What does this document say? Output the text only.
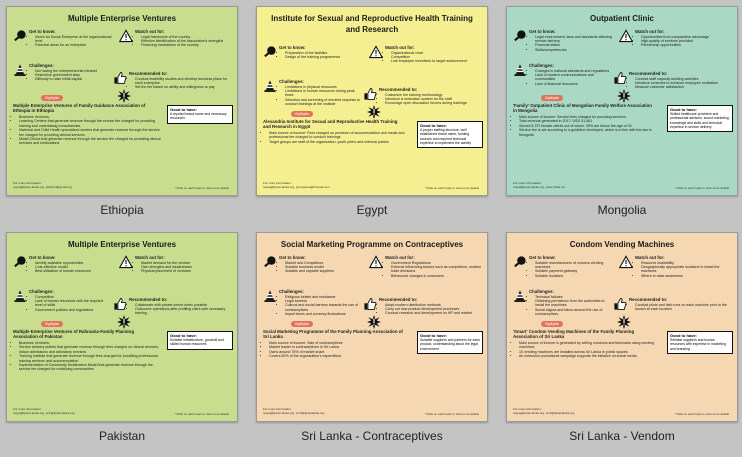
Multiple Enterprise Ventures
Get to know:
• Vision for Social Enterprise at the organizational level
• Potential areas for an enterprise
Watch out for:
• Legal framework of the country
• Effective identification of the Association's strengths
• Financing mechanism of the country
Challenges:
• Not having the entrepreneurial mindset
• Restrictive government laws
• Difficulty to raise initial capital
Recommended to:
• Conduct feasibility studies and develop business plans for each enterprise
• Set the fee based on ability and willingness to pay
Highlights
Multiple Enterprise Ventures of Family Guidance Association of Ethiopia in Ethiopia
• Business Ventures:
• Learning Centers that generate revenue through the service fee charged for providing training and undertaking consultancies
• Maternal and Child Health specialized centers that generate revenue through the service fee charged for providing clinical services
• Model Clinics that generate revenue through the service fee charged for providing clinical services and medications
Good to have:
A reputed brand name and necessary resources
For more information:
respa@fpasri-lanka.org, pfatchnl@gmail.org	*Click on each topic to view more details
Ethiopia
Institute for Sexual and Reproductive Health Training and Research
Get to know:
• Preparation of the facilities
• Design of the training programmes
Watch out for:
• Organizational chart
• Competition
• Link employee incentives to target achievement
Challenges:
• Limitations in physical resources
• Limitations in human resources during peak times
• Selection and screening of enrolled requests to conduct trainings at the institute
Recommended to:
• Customize the training methodology
• Introduce a motivation system for the staff
• Encourage open discussion forums during trainings
Highlights
Alexandria Institute for Sexual and Reproductive Health Training and Research in Egypt
• Main source of income: Fees charged on provision of accommodation and meals and professional fee charged to conduct trainings
• Target groups are staff of the organization, youth peers and external parties
Good to have:
A proper staffing structure, well established brand name, funding sources and required technical expertise to implement the activity
For more information:
respa@fpasri-lanka.org, pricyaseen@hotmail.com	*Click on each topic to view more details
Egypt
Outpatient Clinic
Get to know:
• Legal environment, laws and standards affecting service delivery
• Financial status
• Skills/competencies
Watch out for:
• Opportunities from comparative advantage
• High quality of services provided
• Partnership opportunities
Challenges:
• Changes in national standards and regulations
• Lack of modern communications and commodities
• Lack of financial resources
Recommended to:
• Conduct staff capacity building activities
• Introduce schemes to enhance employee motivation
• Measure customer satisfaction
Highlights
'Family' Outpatient Clinic of Mongolian Family Welfare Association in Mongolia
• Main source of income: Service fees charged for providing services
• Total revenue generated in 2017: USD 51,461
• Served 6,797 female clients out of whom, 39% are below the age of 24
• Service fee is set according to a guideline developed, which is in line with the law in Mongolia
Good to have:
Skilled healthcare providers and professional advisors, sound marketing knowledge and skills and technical expertise in service delivery
For more information:
respa@fpasri-lanka.org, www.mfwa.mn	*Click on each topic to view more details
Mongolia
Multiple Enterprise Ventures
Get to know:
• Identify available opportunities
• Cost-effective model
• Best utilization of human resources
Watch out for:
• Market demand for the venture
• Own strengths and weaknesses
• Physical placement of ventures
Challenges:
• Competition
• Lack of human resources with the required level of skills
• Government policies and regulations
Recommended to:
• Collaborate with private sector when possible
• Outsource operations after profiling client with necessary training
Highlights
Multiple Enterprise Ventures of Rahnuma-Family Planning Association of Pakistan
• Business Ventures:
• Service delivery outlets that generate revenue through fees charged on clinical services, indoor admissions and laboratory services
• Training Institute that generate revenue through fees charged for providing professional training services and accommodation
• Implementation of Community Mobilization Model that generate revenue through the service fee charged for mobilizing communities
Good to have:
Suitable infrastructure, goodwill and skilled human resources
For more information:
respa@fpasri-lanka.org, pcb@fpasri-lanka.org	*Click on each topic to view more details
Pakistan
Social Marketing Programme on Contraceptives
Get to know:
• Market and Competitors
• Suitable business model
• Suitable and capable suppliers
Watch out for:
• Government Regulations
• External influencing factors such as competitors, modern trade decisions
• Behavioral changes in customers
Challenges:
• Religious beliefs and resistance
• Legal barriers
• Cultural and social barriers towards the use of contraceptives
• Import taxes and currency fluctuations
Recommended to:
• Adopt modern distribution methods
• Carry out new product development processes
• Conduct research and development on NP and market
Highlights
Social Marketing Programme of the Family Planning Association of Sri Lanka
• Main source of income: Sale of contraceptives
• Market leader in contraceptives in Sri Lanka
• Owns around 75% of market share
• Covers 80% of the organization's expenditure
Good to have:
Suitable suppliers and partners for each product, understanding about the legal environment
For more information:
respa@fpasri-lanka.org, smb@fpasrilanka.org	*Click on each topic to view more details
Sri Lanka - Contraceptives
Condom Vending Machines
Get to know:
• Suitable manufacturers of condom vending machines
• Suitable payment gateway
• Suitable locations
Watch out for:
• Resource availability
• Geographically appropriate locations to install the machines
• Where to raise awareness
Challenges:
• Technical failures
• Obtaining permission from the authorities to install the machines
• Social stigma and taboo around the use of contraceptives
Recommended to:
• Conduct pilots and field runs on each machine prior to the launch at each location
Highlights
'Smart' Condom Vending Machines of the Family Planning Association of Sri Lanka
• Main source of income is generated by selling condoms and lubricants using vending machines
• 10 vending machines are installed across Sri Lanka in public spaces
• An extensive promotional campaign supports the initiative on social media
Good to have:
Reliable suppliers and human resources with expertise in marketing and branding
For more information:
respa@fpasri-lanka.org, smb@fpasrilanka.org	*Click on each topic to view more details
Sri Lanka - Vendom
